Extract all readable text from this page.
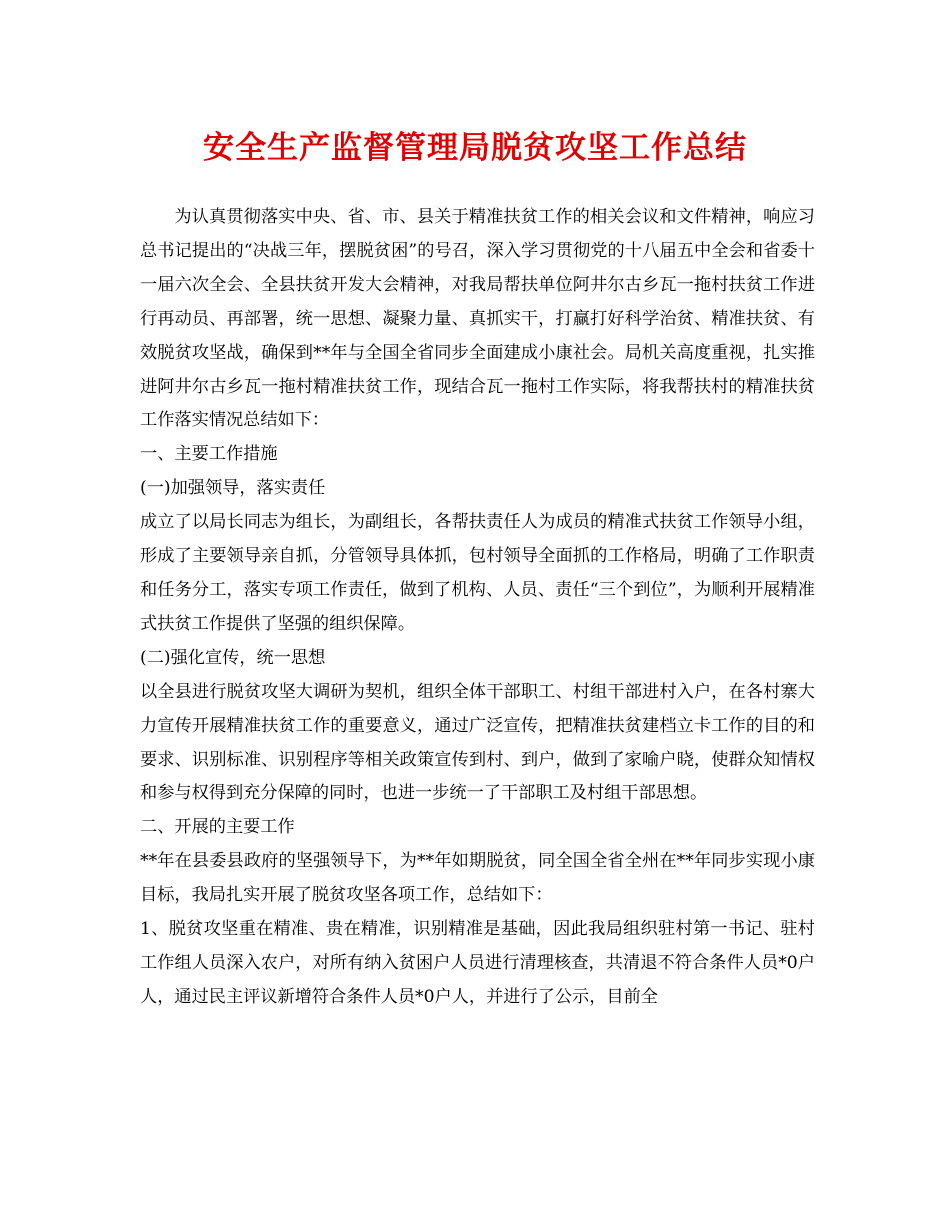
安全生产监督管理局脱贫攻坚工作总结

为认真贯彻落实中央、省、市、县关于精准扶贫工作的相关会议和文件精神，响应习总书记提出的“决战三年，摆脱贫困”的号召，深入学习贯彻党的十八届五中全会和省委十一届六次全会、全县扶贫开发大会精神，对我局帮扶单位阿井尔古乡瓦一拖村扶贫工作进行再动员、再部署，统一思想、凝聚力量、真抓实干，打赢打好科学治贫、精准扶贫、有效脱贫攻坚战，确保到**年与全国全省同步全面建成小康社会。局机关高度重视，扎实推进阿井尔古乡瓦一拖村精准扶贫工作，现结合瓦一拖村工作实际，将我帮扶村的精准扶贫工作落实情况总结如下：

一、主要工作措施

(一)加强领导，落实责任

成立了以局长同志为组长，为副组长，各帮扶责任人为成员的精准式扶贫工作领导小组，形成了主要领导亲自抓，分管领导具体抓，包村领导全面抓的工作格局，明确了工作职责和任务分工，落实专项工作责任，做到了机构、人员、责任“三个到位”，为顺利开展精准式扶贫工作提供了坚强的组织保障。

(二)强化宣传，统一思想

以全县进行脱贫攻坚大调研为契机，组织全体干部职工、村组干部进村入户，在各村寨大力宣传开展精准扶贫工作的重要意义，通过广泛宣传，把精准扶贫建档立卡工作的目的和要求、识别标准、识别程序等相关政策宣传到村、到户，做到了家喻户晓，使群众知情权和参与权得到充分保障的同时，也进一步统一了干部职工及村组干部思想。

二、开展的主要工作

**年在县委县政府的坚强领导下，为**年如期脱贫，同全国全省全州在**年同步实现小康目标，我局扎实开展了脱贫攻坚各项工作，总结如下：

1、脱贫攻坚重在精准、贵在精准，识别精准是基础，因此我局组织驻村第一书记、驻村工作组人员深入农户，对所有纳入贫困户人员进行清理核查，共清退不符合条件人员*0户人，通过民主评议新增符合条件人员*0户人，并进行了公示，目前全
